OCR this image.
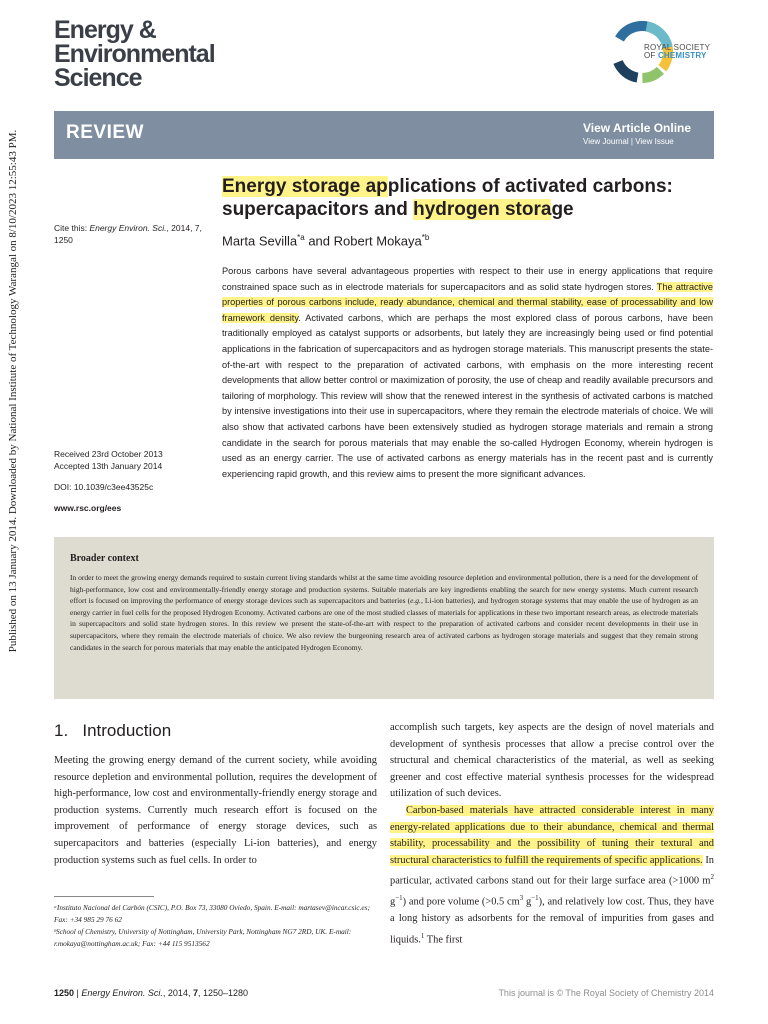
Published on 13 January 2014. Downloaded by National Institute of Technology Warangal on 8/10/2023 12:55:43 PM.
Energy &
Environmental
Science
ROYAL SOCIETY
OF CHEMISTRY
REVIEW	View Article Online
View Journal | View Issue
Energy storage applications of activated carbons:
supercapacitors and hydrogen storage
Marta Sevilla$^{*a}$ and Robert Mokaya$^{*b}$
Cite this: Energy Environ. Sci., 2014, 7,
1250
Porous carbons have several advantageous properties with respect to their use in energy applications that require constrained space such as in electrode materials for supercapacitors and as solid state hydrogen stores. The attractive properties of porous carbons include, ready abundance, chemical and thermal stability, ease of processability and low framework density. Activated carbons, which are perhaps the most explored class of porous carbons, have been traditionally employed as catalyst supports or adsorbents, but lately they are increasingly being used or find potential applications in the fabrication of supercapacitors and as hydrogen storage materials. This manuscript presents the state-of-the-art with respect to the preparation of activated carbons, with emphasis on the more interesting recent developments that allow better control or maximization of porosity, the use of cheap and readily available precursors and tailoring of morphology. This review will show that the renewed interest in the synthesis of activated carbons is matched by intensive investigations into their use in supercapacitors, where they remain the electrode materials of choice. We will also show that activated carbons have been extensively studied as hydrogen storage materials and remain a strong candidate in the search for porous materials that may enable the so-called Hydrogen Economy, wherein hydrogen is used as an energy carrier. The use of activated carbons as energy materials has in the recent past and is currently experiencing rapid growth, and this review aims to present the more significant advances.
Received 23rd October 2013
Accepted 13th January 2014
DOI: 10.1039/c3ee43525c
www.rsc.org/ees
Broader context
In order to meet the growing energy demands required to sustain current living standards whilst at the same time avoiding resource depletion and environmental pollution, there is a need for the development of high-performance, low cost and environmentally-friendly energy storage and production systems. Suitable materials are key ingredients enabling the search for new energy systems. Much current research effort is focused on improving the performance of energy storage devices such as supercapacitors and batteries (e.g., Li-ion batteries), and hydrogen storage systems that may enable the use of hydrogen as an energy carrier in fuel cells for the proposed Hydrogen Economy. Activated carbons are one of the most studied classes of materials for applications in these two important research areas, as electrode materials in supercapacitors and solid state hydrogen stores. In this review we present the state-of-the-art with respect to the preparation of activated carbons and consider recent developments in their use in supercapacitors, where they remain the electrode materials of choice. We also review the burgeoning research area of activated carbons as hydrogen storage materials and suggest that they remain strong candidates in the search for porous materials that may enable the anticipated Hydrogen Economy.
1.   Introduction
Meeting the growing energy demand of the current society, while avoiding resource depletion and environmental pollution, requires the development of high-performance, low cost and environmentally-friendly energy storage and production systems. Currently much research effort is focused on the improvement of performance of energy storage devices, such as supercapacitors and batteries (especially Li-ion batteries), and energy production systems such as fuel cells. In order to
accomplish such targets, key aspects are the design of novel materials and development of synthesis processes that allow a precise control over the structural and chemical characteristics of the material, as well as seeking greener and cost effective material synthesis processes for the widespread utilization of such devices.
Carbon-based materials have attracted considerable interest in many energy-related applications due to their abundance, chemical and thermal stability, processability and the possibility of tuning their textural and structural characteristics to fulfill the requirements of specific applications. In particular, activated carbons stand out for their large surface area (>1000 $m^2$ $g^{-1}$) and pore volume (>0.5 $cm^3$ $g^{-1}$), and relatively low cost. Thus, they have a long history as adsorbents for the removal of impurities from gases and liquids.$^1$ The first
ᵃInstituto Nacional del Carbón (CSIC), P.O. Box 73, 33080 Oviedo, Spain. E-mail: martasev@incar.csic.es; Fax: +34 985 29 76 62
ᵇSchool of Chemistry, University of Nottingham, University Park, Nottingham NG7 2RD, UK. E-mail: r.mokaya@nottingham.ac.uk; Fax: +44 115 9513562
1250 | Energy Environ. Sci., 2014, 7, 1250–1280	This journal is © The Royal Society of Chemistry 2014
